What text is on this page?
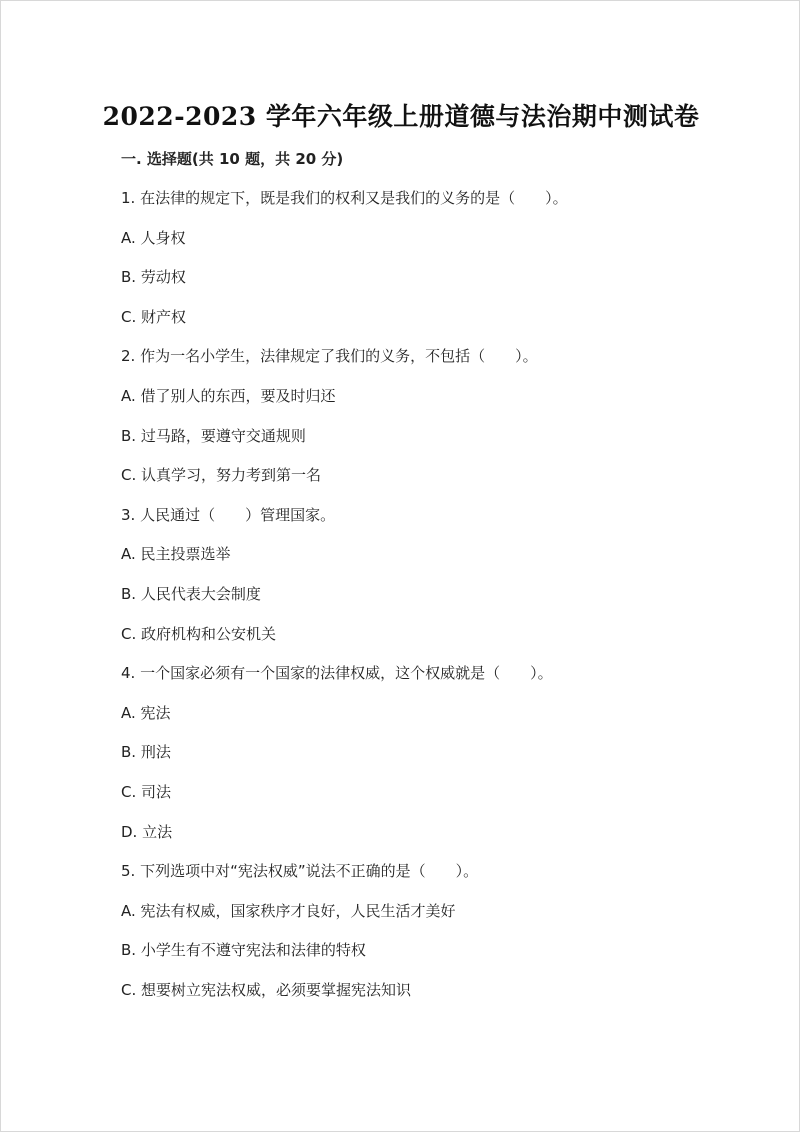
2022-2023 学年六年级上册道德与法治期中测试卷
一. 选择题(共 10 题，共 20 分)
1. 在法律的规定下，既是我们的权利又是我们的义务的是（　　）。
A. 人身权
B. 劳动权
C. 财产权
2. 作为一名小学生，法律规定了我们的义务，不包括（　　）。
A. 借了别人的东西，要及时归还
B. 过马路，要遵守交通规则
C. 认真学习，努力考到第一名
3. 人民通过（　　）管理国家。
A. 民主投票选举
B. 人民代表大会制度
C. 政府机构和公安机关
4. 一个国家必须有一个国家的法律权威，这个权威就是（　　）。
A. 宪法
B. 刑法
C. 司法
D. 立法
5. 下列选项中对“宪法权威”说法不正确的是（　　）。
A. 宪法有权威，国家秩序才良好，人民生活才美好
B. 小学生有不遵守宪法和法律的特权
C. 想要树立宪法权威，必须要掌握宪法知识
